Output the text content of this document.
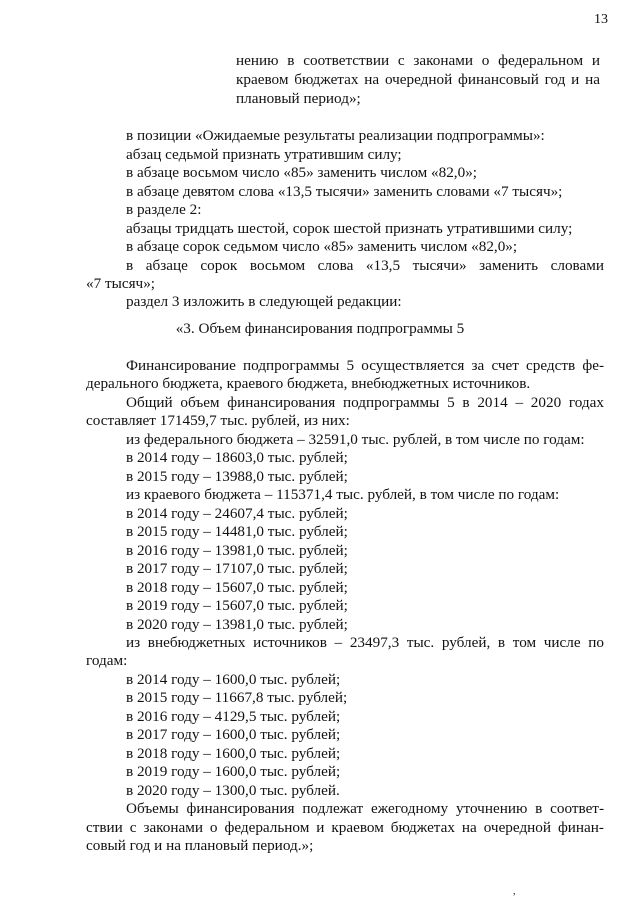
13
нению в соответствии с законами о федеральном и
краевом бюджетах на очередной финансовый год и на
плановый период»;
в позиции «Ожидаемые результаты реализации подпрограммы»:
абзац седьмой признать утратившим силу;
в абзаце восьмом число «85» заменить числом «82,0»;
в абзаце девятом слова «13,5 тысячи» заменить словами «7 тысяч»;
в разделе 2:
абзацы тридцать шестой, сорок шестой признать утратившими силу;
в абзаце сорок седьмом число «85» заменить числом «82,0»;
в абзаце сорок восьмом слова «13,5 тысячи» заменить словами
«7 тысяч»;
раздел 3 изложить в следующей редакции:
«3. Объем финансирования подпрограммы 5
Финансирование подпрограммы 5 осуществляется за счет средств фе-
дерального бюджета, краевого бюджета, внебюджетных источников.
Общий объем финансирования подпрограммы 5 в 2014 – 2020 годах
составляет 171459,7 тыс. рублей, из них:
из федерального бюджета – 32591,0 тыс. рублей, в том числе по годам:
в 2014 году – 18603,0 тыс. рублей;
в 2015 году – 13988,0 тыс. рублей;
из краевого бюджета – 115371,4 тыс. рублей, в том числе по годам:
в 2014 году – 24607,4 тыс. рублей;
в 2015 году – 14481,0 тыс. рублей;
в 2016 году – 13981,0 тыс. рублей;
в 2017 году – 17107,0 тыс. рублей;
в 2018 году – 15607,0 тыс. рублей;
в 2019 году – 15607,0 тыс. рублей;
в 2020 году – 13981,0 тыс. рублей;
из внебюджетных источников – 23497,3 тыс. рублей, в том числе по
годам:
в 2014 году – 1600,0 тыс. рублей;
в 2015 году – 11667,8 тыс. рублей;
в 2016 году – 4129,5 тыс. рублей;
в 2017 году – 1600,0 тыс. рублей;
в 2018 году – 1600,0 тыс. рублей;
в 2019 году – 1600,0 тыс. рублей;
в 2020 году – 1300,0 тыс. рублей.
Объемы финансирования подлежат ежегодному уточнению в соответ-
ствии с законами о федеральном и краевом бюджетах на очередной финан-
совый год и на плановый период.»;
,
